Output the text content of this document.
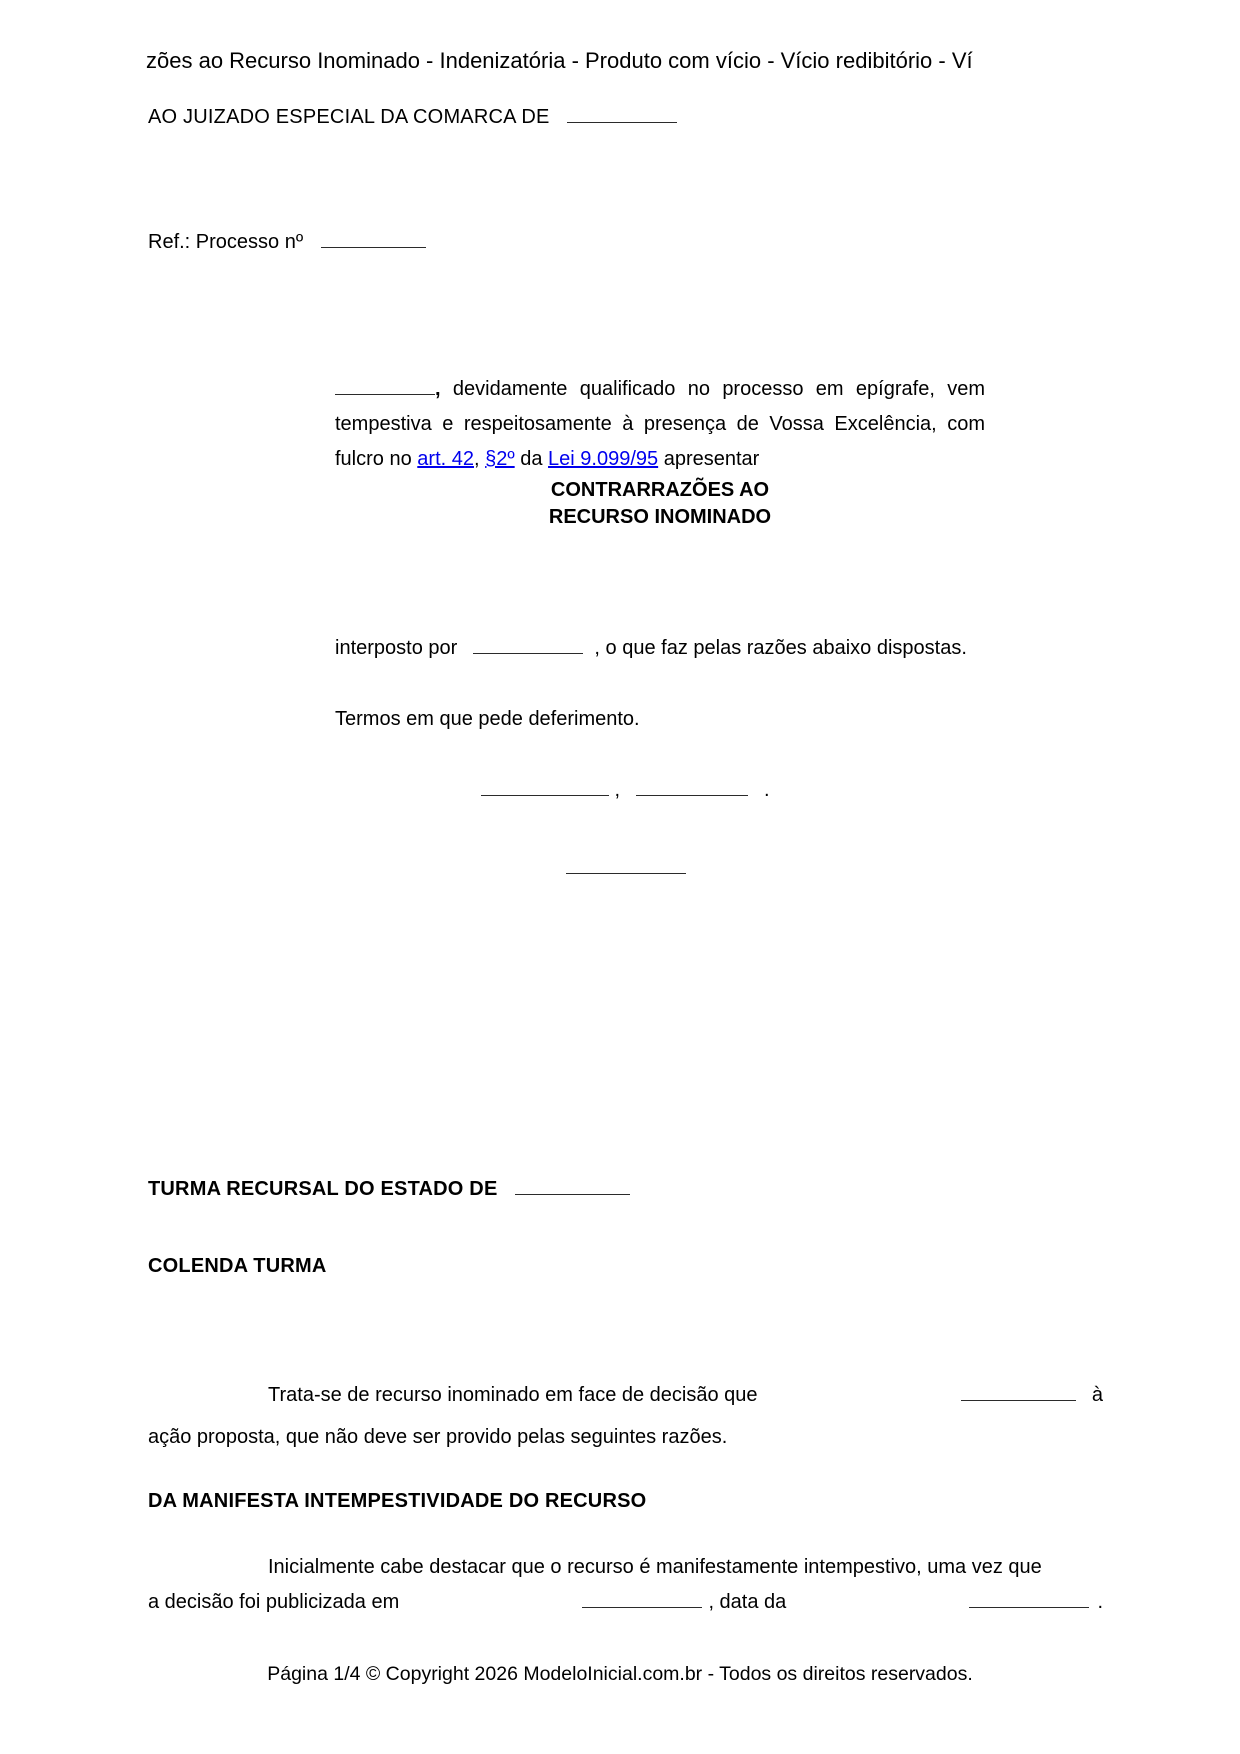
zões ao Recurso Inominado - Indenizatória - Produto com vício - Vício redibitório - Ví
AO JUIZADO ESPECIAL DA COMARCA DE
Ref.: Processo nº

, devidamente qualificado no processo em epígrafe, vem tempestiva e respeitosamente à presença de Vossa Excelência, com fulcro no art. 42, §2º da Lei 9.099/95 apresentar

CONTRARRAZÕES AO
RECURSO INOMINADO
interposto por	, o que faz pelas razões abaixo dispostas.
Termos em que pede deferimento.
,	.
TURMA RECURSAL DO ESTADO DE
COLENDA TURMA
Trata-se de recurso inominado em face de decisão que	à
ação proposta, que não deve ser provido pelas seguintes razões.
DA MANIFESTA INTEMPESTIVIDADE DO RECURSO
Inicialmente cabe destacar que o recurso é manifestamente intempestivo, uma vez que
a decisão foi publicizada em	, data da	.
Página 1/4 © Copyright 2026 ModeloInicial.com.br - Todos os direitos reservados.
